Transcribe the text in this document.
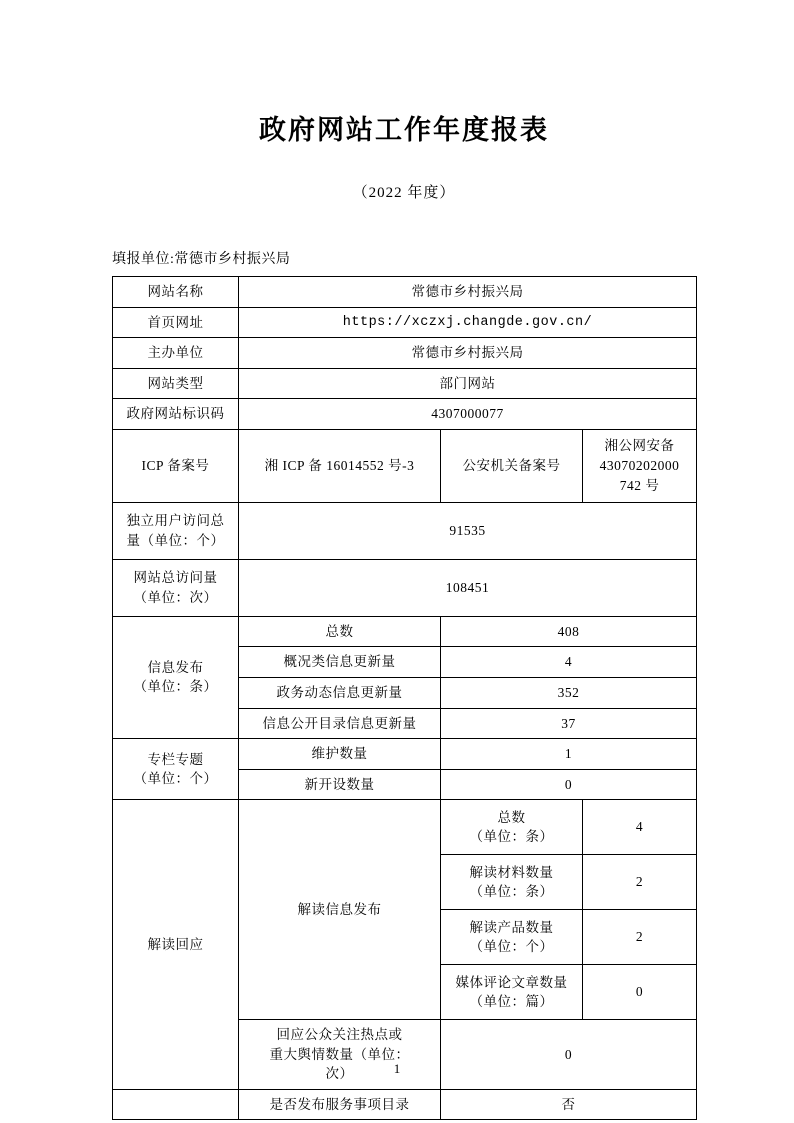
政府网站工作年度报表
（2022 年度）
填报单位:常德市乡村振兴局
网站名称	常德市乡村振兴局		
首页网址	https://xczxj.changde.gov.cn/		
主办单位	常德市乡村振兴局		
网站类型	部门网站		
政府网站标识码	4307000077		
ICP 备案号	湘 ICP 备 16014552 号-3	公安机关备案号	湘公网安备
43070202000
742 号
独立用户访问总
量（单位：个）	91535		
网站总访问量
（单位：次）	108451		
信息发布
（单位：条）	总数	408	
	概况类信息更新量	4	
	政务动态信息更新量	352	
	信息公开目录信息更新量	37	
专栏专题
（单位：个）	维护数量	1	
	新开设数量	0	
解读回应	解读信息发布	总数
（单位：条）	4
		解读材料数量
（单位：条）	2
		解读产品数量
（单位：个）	2
		媒体评论文章数量
（单位：篇）	0
	回应公众关注热点或
重大舆情数量（单位：
次）	0	
	是否发布服务事项目录	否	
1
